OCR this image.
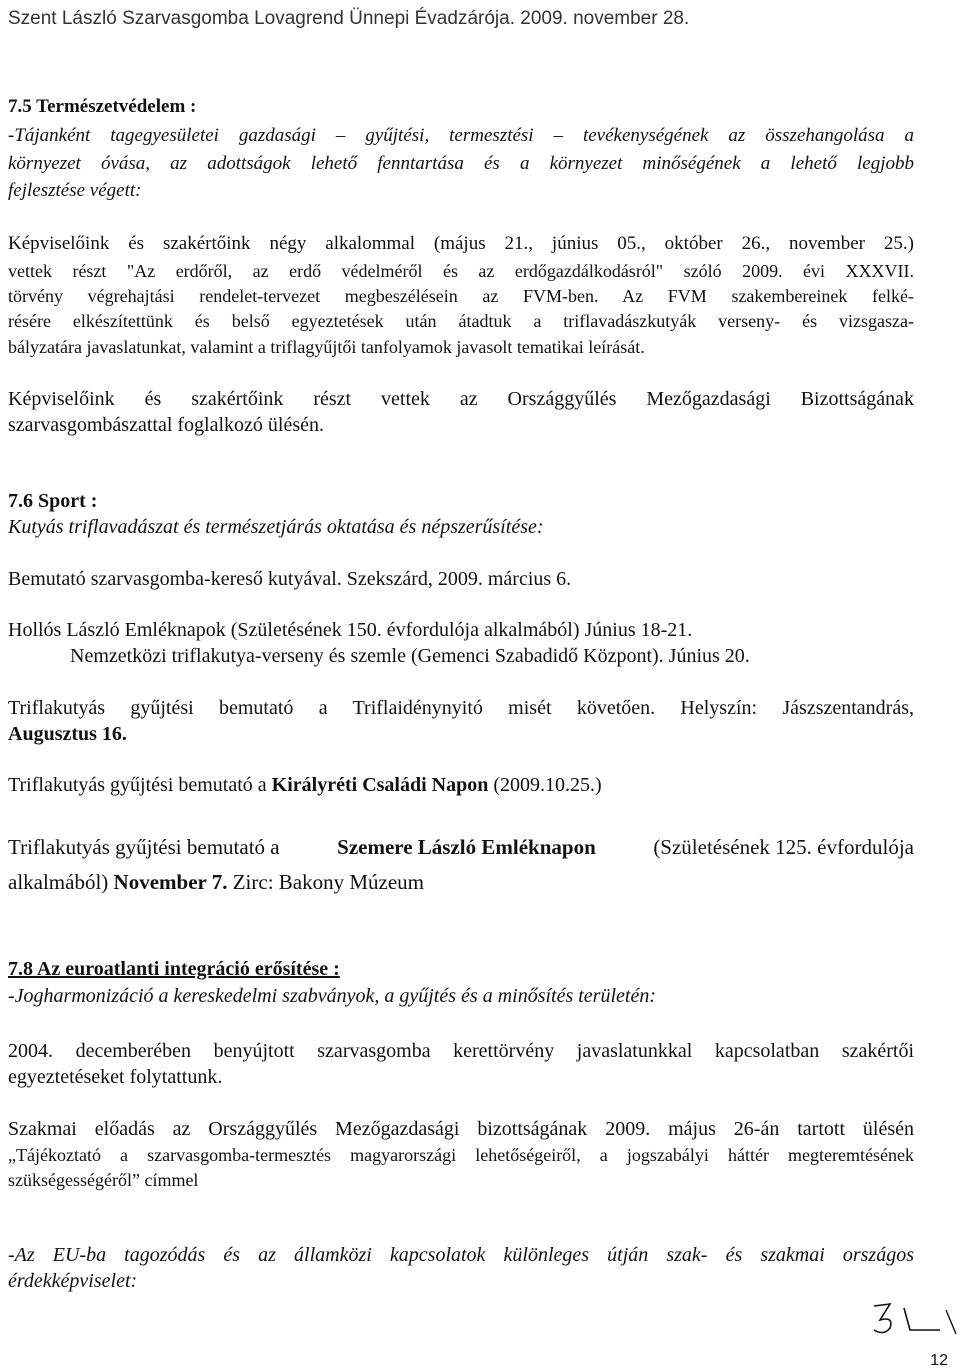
Szent László Szarvasgomba Lovagrend Ünnepi Évadzárója. 2009. november 28.
7.5 Természetvédelem :
-Tájanként tagegyesületei gazdasági – gyűjtési, termesztési – tevékenységének az összehangolása a
környezet óvása, az adottságok lehető fenntartása és a környezet minőségének a lehető legjobb
fejlesztése végett:
Képviselőink és szakértőink négy alkalommal (május 21., június 05., október 26., november 25.)
vettek részt "Az erdőről, az erdő védelméről és az erdőgazdálkodásról" szóló 2009. évi XXXVII.
törvény végrehajtási rendelet-tervezet megbeszélésein az FVM-ben. Az FVM szakembereinek felké-
résére elkészítettünk és belső egyeztetések után átadtuk a triflavadászkutyák verseny- és vizsgasza-
bályzatára javaslatunkat, valamint a triflagyűjtői tanfolyamok javasolt tematikai leírását.
Képviselőink és szakértőink részt vettek az Országgyűlés Mezőgazdasági Bizottságának
szarvasgombászattal foglalkozó ülésén.
7.6 Sport :
Kutyás triflavadászat és természetjárás oktatása és népszerűsítése:
Bemutató szarvasgomba-kereső kutyával. Szekszárd, 2009. március 6.
Hollós László Emléknapok (Születésének 150. évfordulója alkalmából) Június 18-21.
Nemzetközi triflakutya-verseny és szemle (Gemenci Szabadidő Központ). Június 20.
Triflakutyás gyűjtési bemutató a Triflaidénynyitó misét követően. Helyszín: Jászszentandrás,
Augusztus 16.
Triflakutyás gyűjtési bemutató a Királyréti Családi Napon (2009.10.25.)
Triflakutyás gyűjtési bemutató a	Szemere László Emléknapon	(Születésének 125. évfordulója
alkalmából) November 7. Zirc: Bakony Múzeum
7.8 Az euroatlanti integráció erősítése :
-Jogharmonizáció a kereskedelmi szabványok, a gyűjtés és a minősítés területén:
2004. decemberében benyújtott szarvasgomba kerettörvény javaslatunkkal kapcsolatban szakértői
egyeztetéseket folytattunk.
Szakmai előadás az Országgyűlés Mezőgazdasági bizottságának 2009. május 26-án tartott ülésén
„Tájékoztató a szarvasgomba-termesztés magyarországi lehetőségeiről, a jogszabályi háttér megteremtésének
szükségességéről” címmel
-Az EU-ba tagozódás és az államközi kapcsolatok különleges útján szak- és szakmai országos
érdekképviselet:
12
